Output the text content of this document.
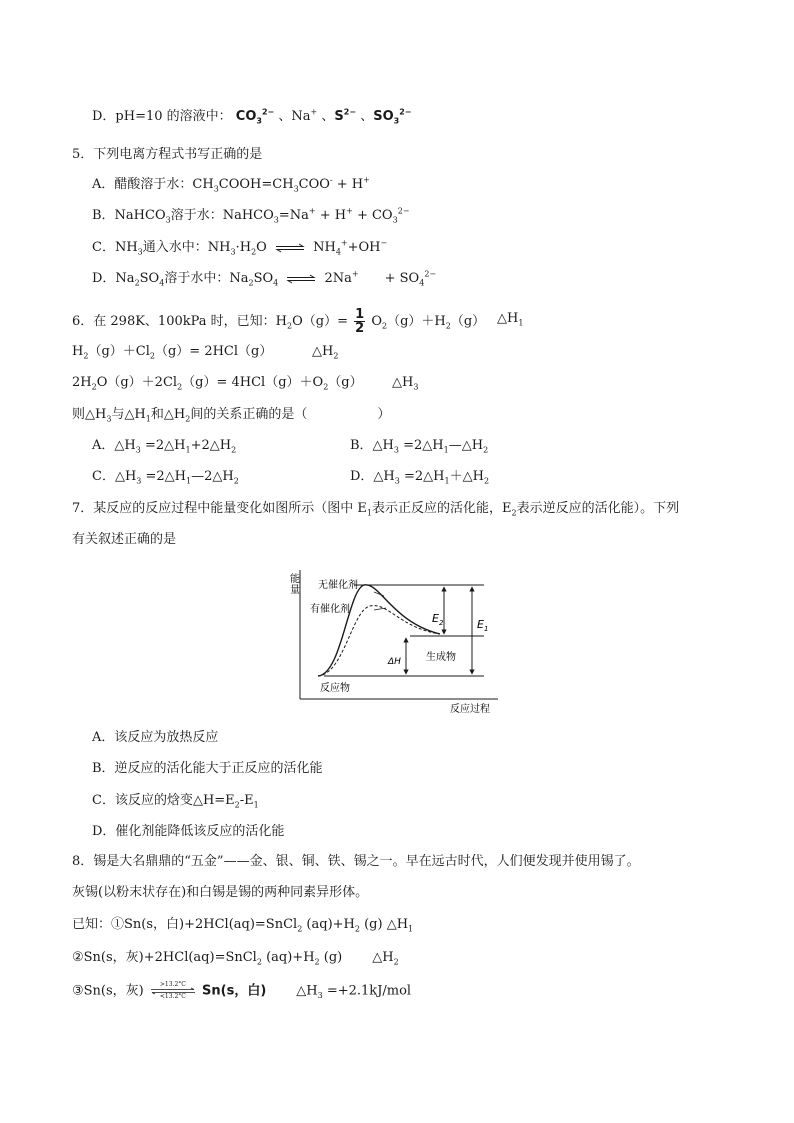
D．pH=10 的溶液中： $CO_3^{2-}$ 、Na+ 、$S^{2-}$ 、$SO_3^{2-}$
5．下列电离方程式书写正确的是
A．醋酸溶于水：$CH_3COOH=CH_3COO^- + H^+$
B．NaHCO$_3$溶于水：NaHCO$_3$=Na+ + $H^+ + CO_3^{2-}$
C．$NH_3$通入水中：$NH_3\cdot H_2O$ ⇌ $NH_4^++OH^-$
D．$Na_2SO_4$溶于水中：$Na_2SO_4$ ⇌ $2Na^+ + SO_4^{2-}$
6．在 298K、100kPa 时，已知：$H_2O(g)= \frac{1}{2} O_2(g)+H_2(g)$ $\triangle H_1$
$H_2(g)+Cl_2(g)= 2HCl(g)$	$\triangle H_2$
$2H_2O(g)+2Cl_2(g)= 4HCl(g)+O_2(g)$ $\triangle H_3$
则$\triangle H_3$与$\triangle H_1$和$\triangle H_2$间的关系正确的是（	）
A．$\triangle H_3$ $=2\triangle H_1+2\triangle H_2$	B．$\triangle H_3$ $=2\triangle H_1—\triangle H_2$
C．$\triangle H_3$ $=2\triangle H_1—2\triangle H_2$	D．$\triangle H_3$ $=2\triangle H_1+\triangle H_2$
7．某反应的反应过程中能量变化如图所示（图中 $E_1$表示正反应的活化能，$E_2$表示逆反应的活化能）。下列
有关叙述正确的是
能
量 无催化剂
有催化剂
$E_2$	$E_1$
ΔH	生成物
反应物
反应过程
A．该反应为放热反应
B．逆反应的活化能大于正反应的活化能
C．该反应的焓变$\triangle H=E_2-E_1$
D．催化剂能降低该反应的活化能
8．锡是大名鼎鼎的“五金”——金、银、铜、铁、锡之一。早在远古时代，人们便发现并使用锡了。
灰锡(以粉末状存在)和白锡是锡的两种同素异形体。
已知：①Sn(s，白)+2HCl(aq)=SnCl$_2$ $(aq)+H_2$ (g) $\triangle H_1$
②Sn(s，灰)+2HCl(aq)=SnCl$_2$ $(aq)+H_2$ (g) $\triangle H_2$
③Sn(s，灰)	>13.2°C
<13.2°C	Sn(s，白) $\triangle H_3 =+2.1kJ/mol$
